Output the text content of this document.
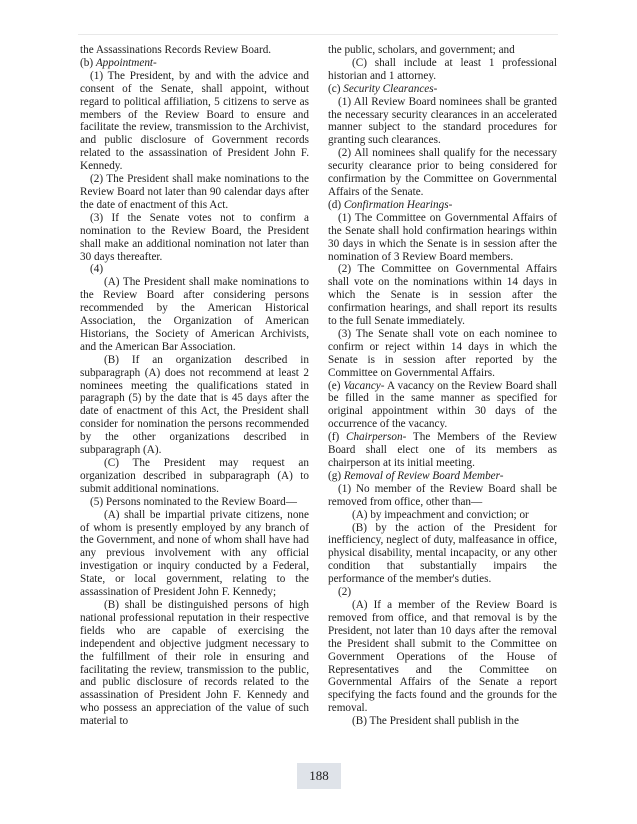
the Assassinations Records Review Board.

(b) Appointment-

(1) The President, by and with the advice and consent of the Senate, shall appoint, without regard to political affiliation, 5 citizens to serve as members of the Review Board to ensure and facilitate the review, transmission to the Archivist, and public disclosure of Government records related to the assassination of President John F. Kennedy.

(2) The President shall make nominations to the Review Board not later than 90 calendar days after the date of enactment of this Act.

(3) If the Senate votes not to confirm a nomination to the Review Board, the President shall make an additional nomination not later than 30 days thereafter.

(4)

(A) The President shall make nominations to the Review Board after considering persons recommended by the American Historical Association, the Organization of American Historians, the Society of American Archivists, and the American Bar Association.

(B) If an organization described in subparagraph (A) does not recommend at least 2 nominees meeting the qualifications stated in paragraph (5) by the date that is 45 days after the date of enactment of this Act, the President shall consider for nomination the persons recommended by the other organizations described in subparagraph (A).

(C) The President may request an organization described in subparagraph (A) to submit additional nominations.

(5) Persons nominated to the Review Board—

(A) shall be impartial private citizens, none of whom is presently employed by any branch of the Government, and none of whom shall have had any previous involvement with any official investigation or inquiry conducted by a Federal, State, or local government, relating to the assassination of President John F. Kennedy;

(B) shall be distinguished persons of high national professional reputation in their respective fields who are capable of exercising the independent and objective judgment necessary to the fulfillment of their role in ensuring and facilitating the review, transmission to the public, and public disclosure of records related to the assassination of President John F. Kennedy and who possess an appreciation of the value of such material to

the public, scholars, and government; and

(C) shall include at least 1 professional historian and 1 attorney.

(c) Security Clearances-

(1) All Review Board nominees shall be granted the necessary security clearances in an accelerated manner subject to the standard procedures for granting such clearances.

(2) All nominees shall qualify for the necessary security clearance prior to being considered for confirmation by the Committee on Governmental Affairs of the Senate.

(d) Confirmation Hearings-

(1) The Committee on Governmental Affairs of the Senate shall hold confirmation hearings within 30 days in which the Senate is in session after the nomination of 3 Review Board members.

(2) The Committee on Governmental Affairs shall vote on the nominations within 14 days in which the Senate is in session after the confirmation hearings, and shall report its results to the full Senate immediately.

(3) The Senate shall vote on each nominee to confirm or reject within 14 days in which the Senate is in session after reported by the Committee on Governmental Affairs.

(e) Vacancy- A vacancy on the Review Board shall be filled in the same manner as specified for original appointment within 30 days of the occurrence of the vacancy.

(f) Chairperson- The Members of the Review Board shall elect one of its members as chairperson at its initial meeting.

(g) Removal of Review Board Member-

(1) No member of the Review Board shall be removed from office, other than—

(A) by impeachment and conviction; or

(B) by the action of the President for inefficiency, neglect of duty, malfeasance in office, physical disability, mental incapacity, or any other condition that substantially impairs the performance of the member's duties.

(2)

(A) If a member of the Review Board is removed from office, and that removal is by the President, not later than 10 days after the removal the President shall submit to the Committee on Government Operations of the House of Representatives and the Committee on Governmental Affairs of the Senate a report specifying the facts found and the grounds for the removal.

(B) The President shall publish in the

188
